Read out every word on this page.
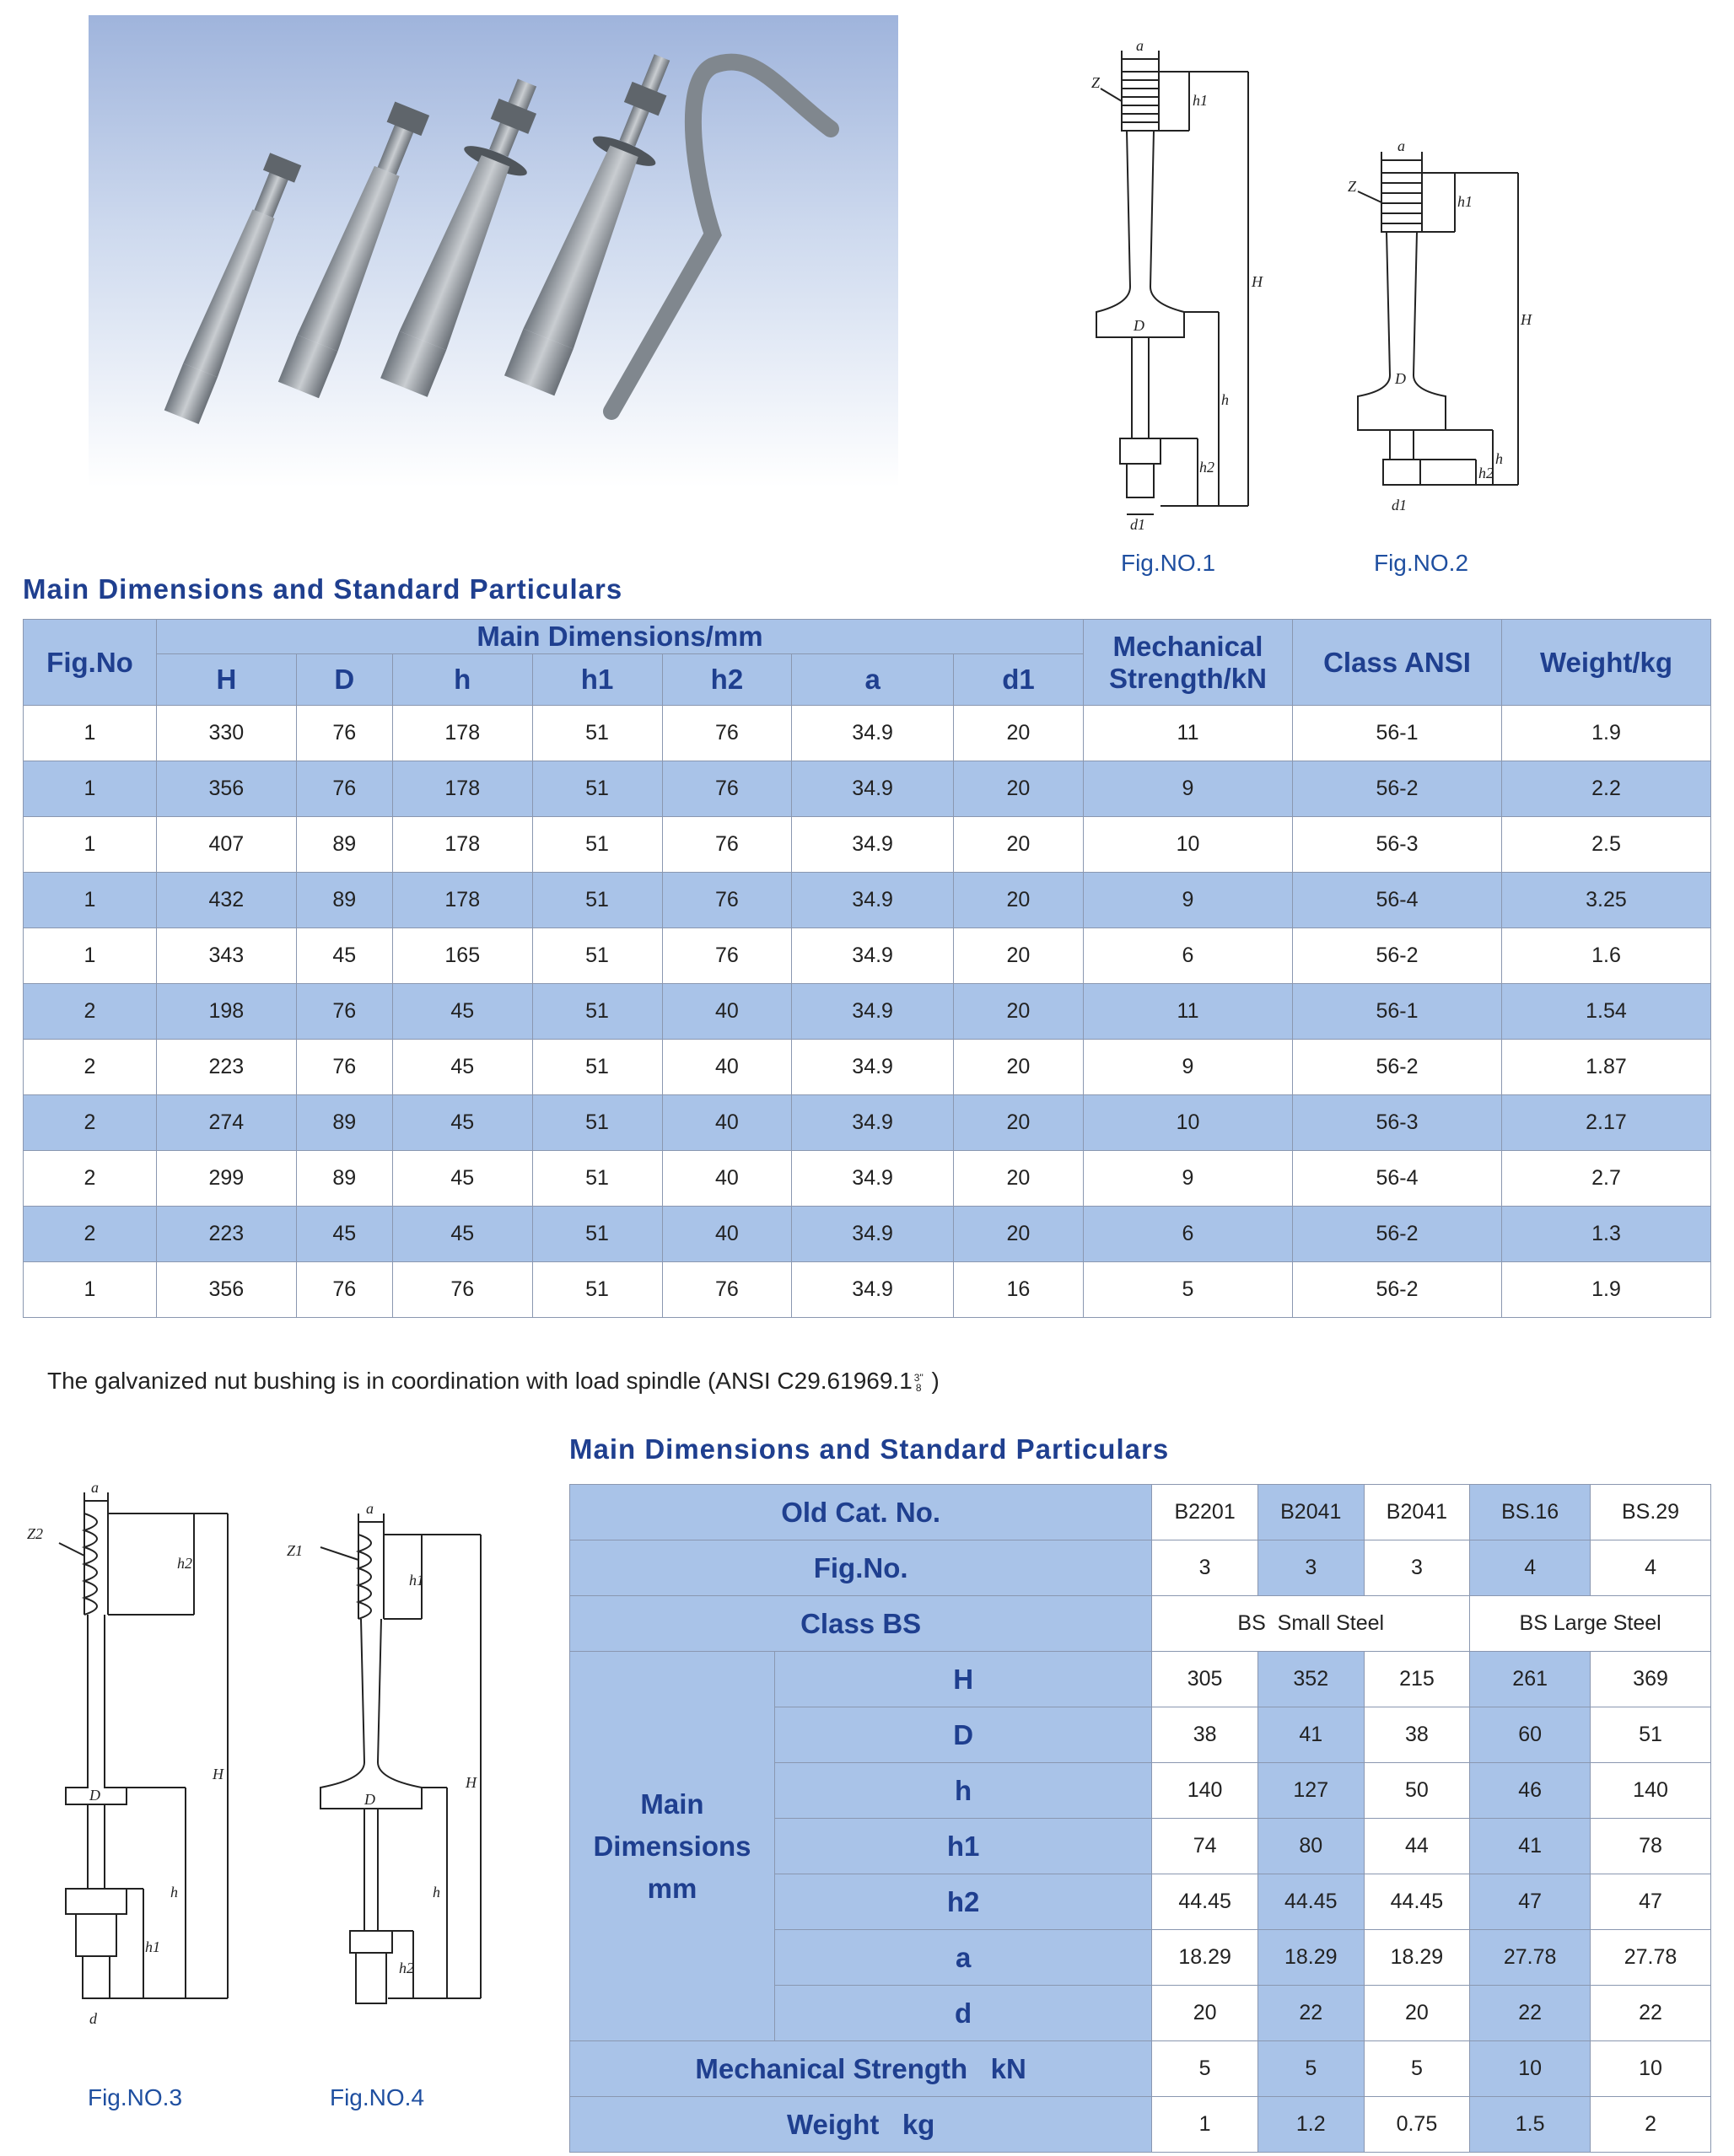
a
Z
h1
H
D
h
h2
d1
Fig.NO.1
a
Z
h1
H
D
h
h2
d1
Fig.NO.2
Main Dimensions and Standard Particulars
Fig.No	Main Dimensions/mm							Mechanical Strength/kN	Class ANSI	Weight/kg
	H	D	h	h1	h2	a	d1			
1	330	76	178	51	76	34.9	20	11	56-1	1.9
1	356	76	178	51	76	34.9	20	9	56-2	2.2
1	407	89	178	51	76	34.9	20	10	56-3	2.5
1	432	89	178	51	76	34.9	20	9	56-4	3.25
1	343	45	165	51	76	34.9	20	6	56-2	1.6
2	198	76	45	51	40	34.9	20	11	56-1	1.54
2	223	76	45	51	40	34.9	20	9	56-2	1.87
2	274	89	45	51	40	34.9	20	10	56-3	2.17
2	299	89	45	51	40	34.9	20	9	56-4	2.7
2	223	45	45	51	40	34.9	20	6	56-2	1.3
1	356	76	76	51	76	34.9	16	5	56-2	1.9
The galvanized nut bushing is in coordination with load spindle (ANSI C29.61969.1 3"
8 )
a
Z2
h2
H
D
h
h1
d
Fig.NO.3
a
Z1
h1
H
D
h
h2
Fig.NO.4
Main Dimensions and Standard Particulars
Old Cat. No.		B2201	B2041	B2041	BS.16	BS.29
Fig.No.		3	3	3	4	4
Class BS		BS  Small Steel			BS Large Steel	
Main Dimensions mm	H	305	352	215	261	369
	D	38	41	38	60	51
	h	140	127	50	46	140
	h1	74	80	44	41	78
	h2	44.45	44.45	44.45	47	47
	a	18.29	18.29	18.29	27.78	27.78
	d	20	22	20	22	22
Mechanical Strength   kN		5	5	5	10	10
Weight   kg		1	1.2	0.75	1.5	2
